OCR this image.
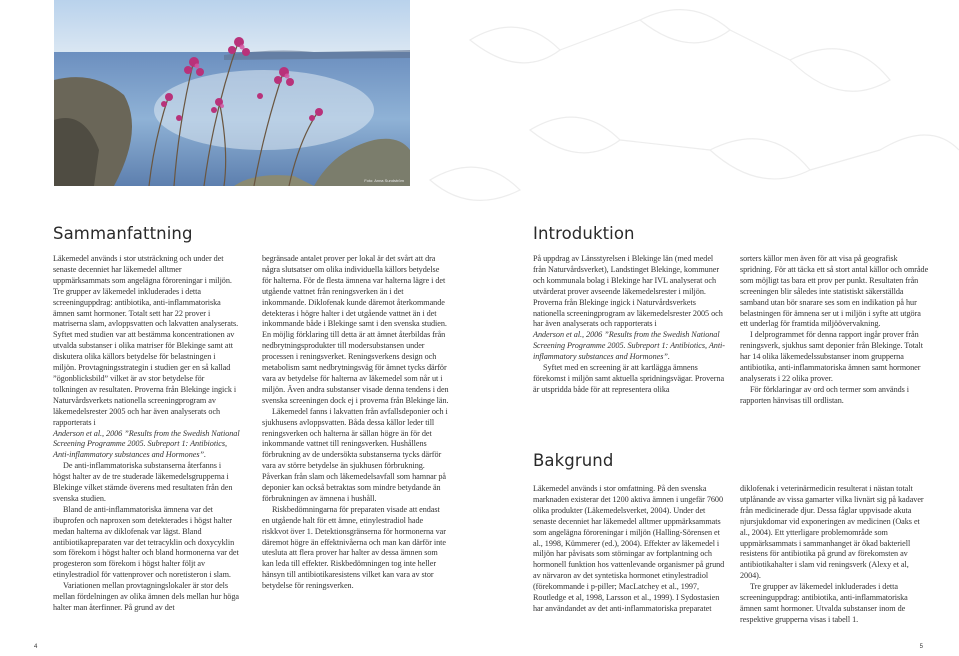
Foto: Anna Sundström
Sammanfattning	Introduktion
Bakgrund

Läkemedel används i stor utsträckning och under det senaste decenniet har läkemedel alltmer uppmärksammats som angelägna föroreningar i miljön. Tre grupper av läkemedel inkluderades i detta screeninguppdrag: antibiotika, anti-inflammatoriska ämnen samt hormoner. Totalt sett har 22 prover i matriserna slam, avloppsvatten och lakvatten analyserats. Syftet med studien var att bestämma koncentrationen av utvalda substanser i olika matriser för Blekinge samt att diskutera olika källors betydelse för belastningen i miljön. Provtagningsstrategin i studien ger en så kallad ”ögonblicksbild” vilket är av stor betydelse för tolkningen av resultaten. Proverna från Blekinge ingick i Naturvårdsverkets nationella screeningprogram av läkemedelsrester 2005 och har även analyserats och rapporterats i

Anderson et al., 2006 ”Results from the Swedish National Screening Programme 2005. Subreport 1: Antibiotics, Anti-inflammatory substances and Hormones”.

De anti-inflammatoriska substanserna återfanns i högst halter av de tre studerade läkemedelsgrupperna i Blekinge vilket stämde överens med resultaten från den svenska studien.

Bland de anti-inflammatoriska ämnena var det ibuprofen och naproxen som detekterades i högst halter medan halterna av diklofenak var lägst. Bland antibiotikapreparaten var det tetracyklin och doxycyklin som förekom i högst halter och bland hormonerna var det progesteron som förekom i högst halter följt av etinylestradiol för vattenprover och noretisteron i slam.

Variationen mellan provtagningslokaler är stor dels mellan fördelningen av olika ämnen dels mellan hur höga halter man återfinner. På grund av det

begränsade antalet prover per lokal är det svårt att dra några slutsatser om olika individuella källors betydelse för halterna. För de flesta ämnena var halterna lägre i det utgående vattnet från reningsverken än i det inkommande. Diklofenak kunde däremot återkommande detekteras i högre halter i det utgående vattnet än i det inkommande både i Blekinge samt i den svenska studien. En möjlig förklaring till detta är att ämnet återbildas från nedbrytningsprodukter till modersubstansen under processen i reningsverket. Reningsverkens design och metabolism samt nedbrytningsväg för ämnet tycks därför vara av betydelse för halterna av läkemedel som når ut i miljön. Även andra substanser visade denna tendens i den svenska screeningen dock ej i proverna från Blekinge län.

Läkemedel fanns i lakvatten från avfallsdeponier och i sjukhusens avloppsvatten. Båda dessa källor leder till reningsverken och halterna är sällan högre än för det inkommande vattnet till reningsverken. Hushållens förbrukning av de undersökta substanserna tycks därför vara av större betydelse än sjukhusen förbrukning. Påverkan från slam och läkemedelsavfall som hamnar på deponier kan också betraktas som mindre betydande än förbrukningen av ämnena i hushåll.

Riskbedömningarna för preparaten visade att endast en utgående halt för ett ämne, etinylestradiol hade riskkvot över 1. Detektionsgränserna för hormonerna var däremot högre än effektnivåerna och man kan därför inte utesluta att flera prover har halter av dessa ämnen som kan leda till effekter. Riskbedömningen tog inte heller hänsyn till antibiotikaresistens vilket kan vara av stor betydelse för reningsverken.

På uppdrag av Länsstyrelsen i Blekinge län (med medel från Naturvårdsverket), Landstinget Blekinge, kommuner och kommunala bolag i Blekinge har IVL analyserat och utvärderat prover avseende läkemedelsrester i miljön. Proverna från Blekinge ingick i Naturvårdsverkets nationella screeningprogram av läkemedelsrester 2005 och har även analyserats och rapporterats i

Anderson et al., 2006 ”Results from the Swedish National Screening Programme 2005. Subreport 1: Antibiotics, Anti-inflammatory substances and Hormones”.

Syftet med en screening är att kartlägga ämnens förekomst i miljön samt aktuella spridningsvägar. Proverna är utspridda både för att representera olika

sorters källor men även för att visa på geografisk spridning. För att täcka ett så stort antal källor och område som möjligt tas bara ett prov per punkt. Resultaten från screeningen blir således inte statistiskt säkerställda samband utan bör snarare ses som en indikation på hur belastningen för ämnena ser ut i miljön i syfte att utgöra ett underlag för framtida miljöövervakning.

I delprogrammet för denna rapport ingår prover från reningsverk, sjukhus samt deponier från Blekinge. Totalt har 14 olika läkemedelssubstanser inom grupperna antibiotika, anti-inflammatoriska ämnen samt hormoner analyserats i 22 olika prover.

För förklaringar av ord och termer som används i rapporten hänvisas till ordlistan.

Läkemedel används i stor omfattning. På den svenska marknaden existerar det 1200 aktiva ämnen i ungefär 7600 olika produkter (Läkemedelsverket, 2004). Under det senaste decenniet har läkemedel alltmer uppmärksammats som angelägna föroreningar i miljön (Halling-Sörensen et al., 1998, Kümmerer (ed.), 2004). Effekter av läkemedel i miljön har påvisats som störningar av fortplantning och hormonell funktion hos vattenlevande organismer på grund av närvaron av det syntetiska hormonet etinylestradiol (förekommande i p-piller; MacLatchey et al., 1997, Routledge et al, 1998, Larsson et al., 1999). I Sydostasien har användandet av det anti-inflammatoriska preparatet

diklofenak i veterinärmedicin resulterat i nästan totalt utplånande av vissa gamarter vilka livnärt sig på kadaver från medicinerade djur. Dessa fåglar uppvisade akuta njursjukdomar vid exponeringen av medicinen (Oaks et al., 2004). Ett ytterligare problemområde som uppmärksammats i sammanhanget är ökad bakteriell resistens för antibiotika på grund av förekomsten av antibiotikahalter i slam vid reningsverk (Alexy et al, 2004).

Tre grupper av läkemedel inkluderades i detta screeninguppdrag: antibiotika, anti-inflammatoriska ämnen samt hormoner. Utvalda substanser inom de respektive grupperna visas i tabell 1.

4	5
